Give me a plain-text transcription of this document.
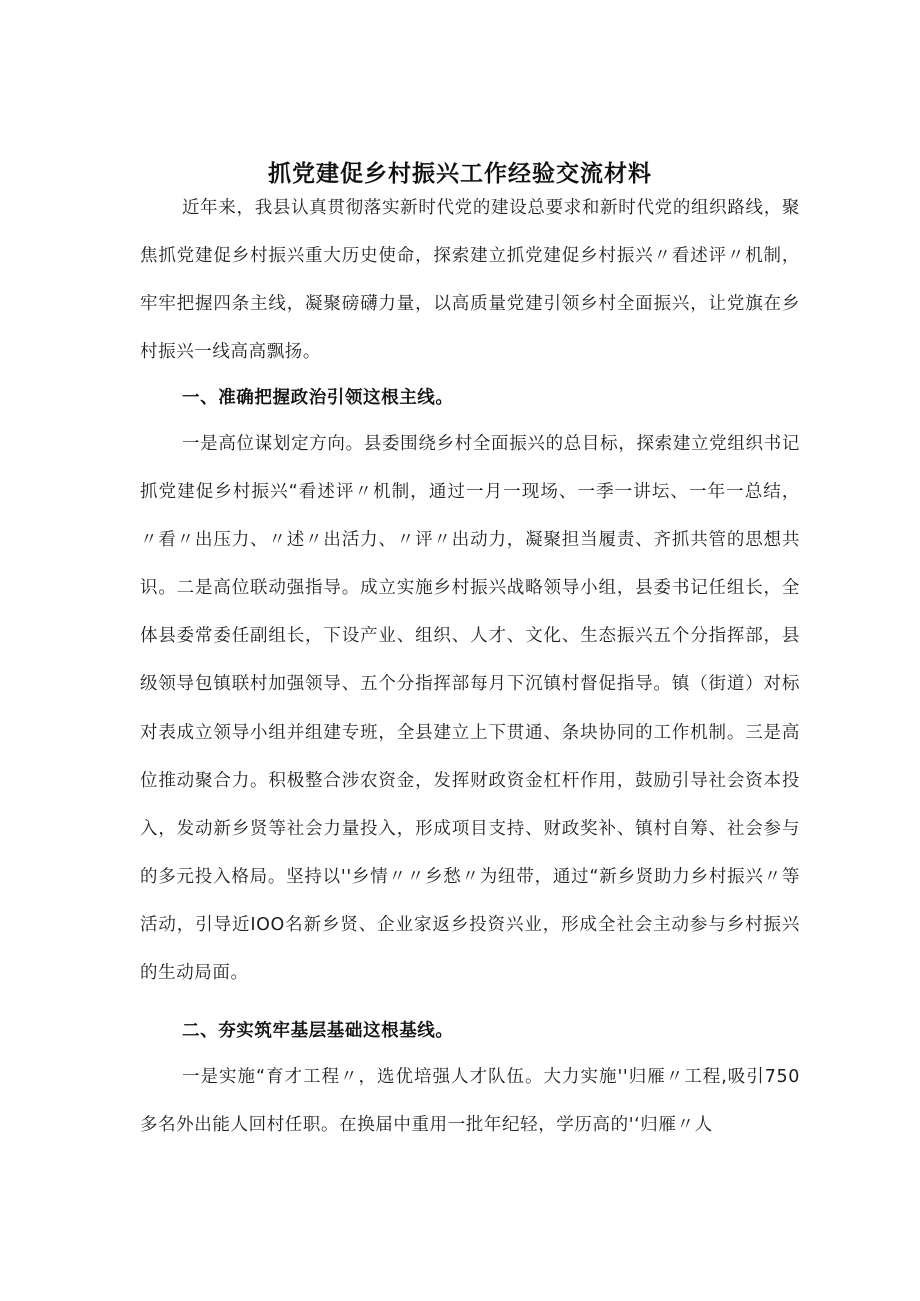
抓党建促乡村振兴工作经验交流材料

近年来，我县认真贯彻落实新时代党的建设总要求和新时代党的组织路线，聚焦抓党建促乡村振兴重大历史使命，探索建立抓党建促乡村振兴〃看述评〃机制，牢牢把握四条主线，凝聚磅礴力量，以高质量党建引领乡村全面振兴，让党旗在乡村振兴一线高高飘扬。

一、准确把握政治引领这根主线。

一是高位谋划定方向。县委围绕乡村全面振兴的总目标，探索建立党组织书记抓党建促乡村振兴“看述评〃机制，通过一月一现场、一季一讲坛、一年一总结，〃看〃出压力、〃述〃出活力、〃评〃出动力，凝聚担当履责、齐抓共管的思想共识。二是高位联动强指导。成立实施乡村振兴战略领导小组，县委书记任组长，全体县委常委任副组长，下设产业、组织、人才、文化、生态振兴五个分指挥部，县级领导包镇联村加强领导、五个分指挥部每月下沉镇村督促指导。镇（街道）对标对表成立领导小组并组建专班，全县建立上下贯通、条块协同的工作机制。三是高位推动聚合力。积极整合涉农资金，发挥财政资金杠杆作用，鼓励引导社会资本投入，发动新乡贤等社会力量投入，形成项目支持、财政奖补、镇村自筹、社会参与的多元投入格局。坚持以''乡情〃〃乡愁〃为纽带，通过“新乡贤助力乡村振兴〃等活动，引导近IOO名新乡贤、企业家返乡投资兴业，形成全社会主动参与乡村振兴的生动局面。

二、夯实筑牢基层基础这根基线。

一是实施“育才工程〃，选优培强人才队伍。大力实施''归雁〃工程,吸引750多名外出能人回村任职。在换届中重用一批年纪轻，学历高的'‘归雁〃人
